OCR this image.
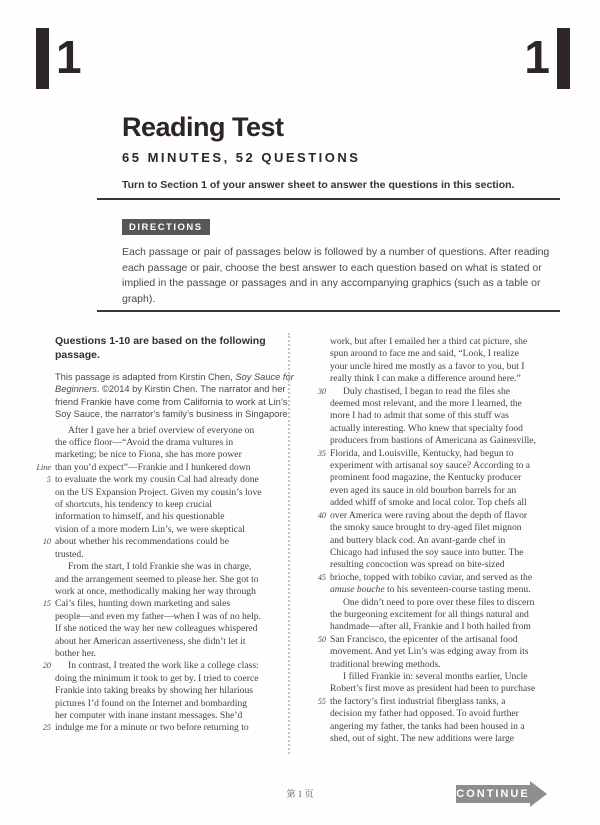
1	1
Reading Test
65 MINUTES, 52 QUESTIONS
Turn to Section 1 of your answer sheet to answer the questions in this section.
DIRECTIONS
Each passage or pair of passages below is followed by a number of questions. After reading each passage or pair, choose the best answer to each question based on what is stated or implied in the passage or passages and in any accompanying graphics (such as a table or graph).
Questions 1-10 are based on the following passage.
This passage is adapted from Kirstin Chen, Soy Sauce for
Beginners. ©2014 by Kirstin Chen. The narrator and her
friend Frankie have come from California to work at Lin’s
Soy Sauce, the narrator’s family’s business in Singapore.
After I gave her a brief overview of everyone on
the office floor—“Avoid the drama vultures in
marketing; be nice to Fiona, she has more power
Line than you’d expect”—Frankie and I hunkered down
5 to evaluate the work my cousin Cal had already done
on the US Expansion Project. Given my cousin’s love
of shortcuts, his tendency to keep crucial
information to himself, and his questionable
vision of a more modern Lin’s, we were skeptical
10 about whether his recommendations could be
trusted.
From the start, I told Frankie she was in charge,
and the arrangement seemed to please her. She got to
work at once, methodically making her way through
15 Cal’s files, hunting down marketing and sales
people—and even my father—when I was of no help.
If she noticed the way her new colleagues whispered
about her American assertiveness, she didn’t let it
bother her.
20	In contrast, I treated the work like a college class:
doing the minimum it took to get by. I tried to coerce
Frankie into taking breaks by showing her hilarious
pictures I’d found on the Internet and bombarding
her computer with inane instant messages. She’d
25 indulge me for a minute or two before returning to
work, but after I emailed her a third cat picture, she
spun around to face me and said, “Look, I realize
your uncle hired me mostly as a favor to you, but I
really think I can make a difference around here.”
30	Duly chastised, I began to read the files she
deemed most relevant, and the more I learned, the
more I had to admit that some of this stuff was
actually interesting. Who knew that specialty food
producers from bastions of Americana as Gainesville,
35 Florida, and Louisville, Kentucky, had begun to
experiment with artisanal soy sauce? According to a
prominent food magazine, the Kentucky producer
even aged its sauce in old bourbon barrels for an
added whiff of smoke and local color. Top chefs all
40 over America were raving about the depth of flavor
the smoky sauce brought to dry-aged filet mignon
and buttery black cod. An avant-garde chef in
Chicago had infused the soy sauce into butter. The
resulting concoction was spread on bite-sized
45 brioche, topped with tobiko caviar, and served as the
amuse bouche to his seventeen-course tasting menu.
One didn’t need to pore over these files to discern
the burgeoning excitement for all things natural and
handmade—after all, Frankie and I both hailed from
50 San Francisco, the epicenter of the artisanal food
movement. And yet Lin’s was edging away from its
traditional brewing methods.
I filled Frankie in: several months earlier, Uncle
Robert’s first move as president had been to purchase
55 the factory’s first industrial fiberglass tanks, a
decision my father had opposed. To avoid further
angering my father, the tanks had been housed in a
shed, out of sight. The new additions were large
第 1 页	CONTINUE
